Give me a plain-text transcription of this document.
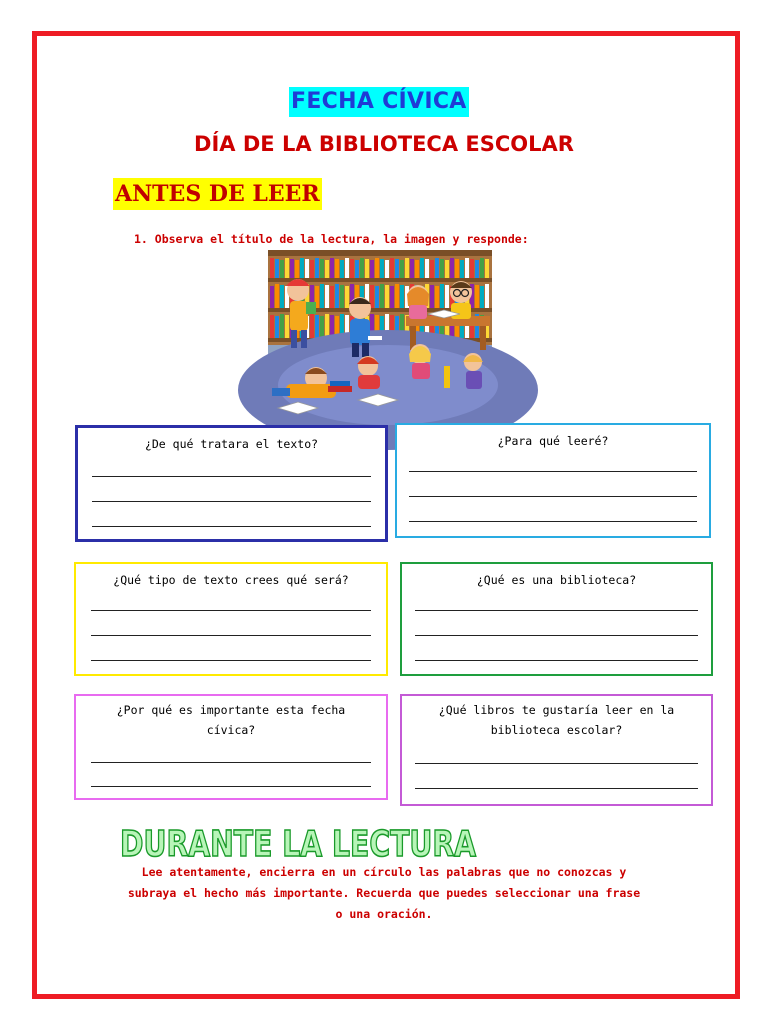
FECHA CÍVICA
DÍA DE LA BIBLIOTECA ESCOLAR
ANTES DE LEER
1. Observa el título de la lectura, la imagen y responde:
¿De qué tratara el texto?	¿Para qué leeré?
¿Qué tipo de texto crees qué será?	¿Qué es una biblioteca?
¿Por qué es importante esta fecha
cívica?
¿Qué libros te gustaría leer en la
biblioteca escolar?
DURANTE LA LECTURA
Lee atentamente, encierra en un círculo las palabras que no conozcas y
subraya el hecho más importante. Recuerda que puedes seleccionar una frase
o una oración.
